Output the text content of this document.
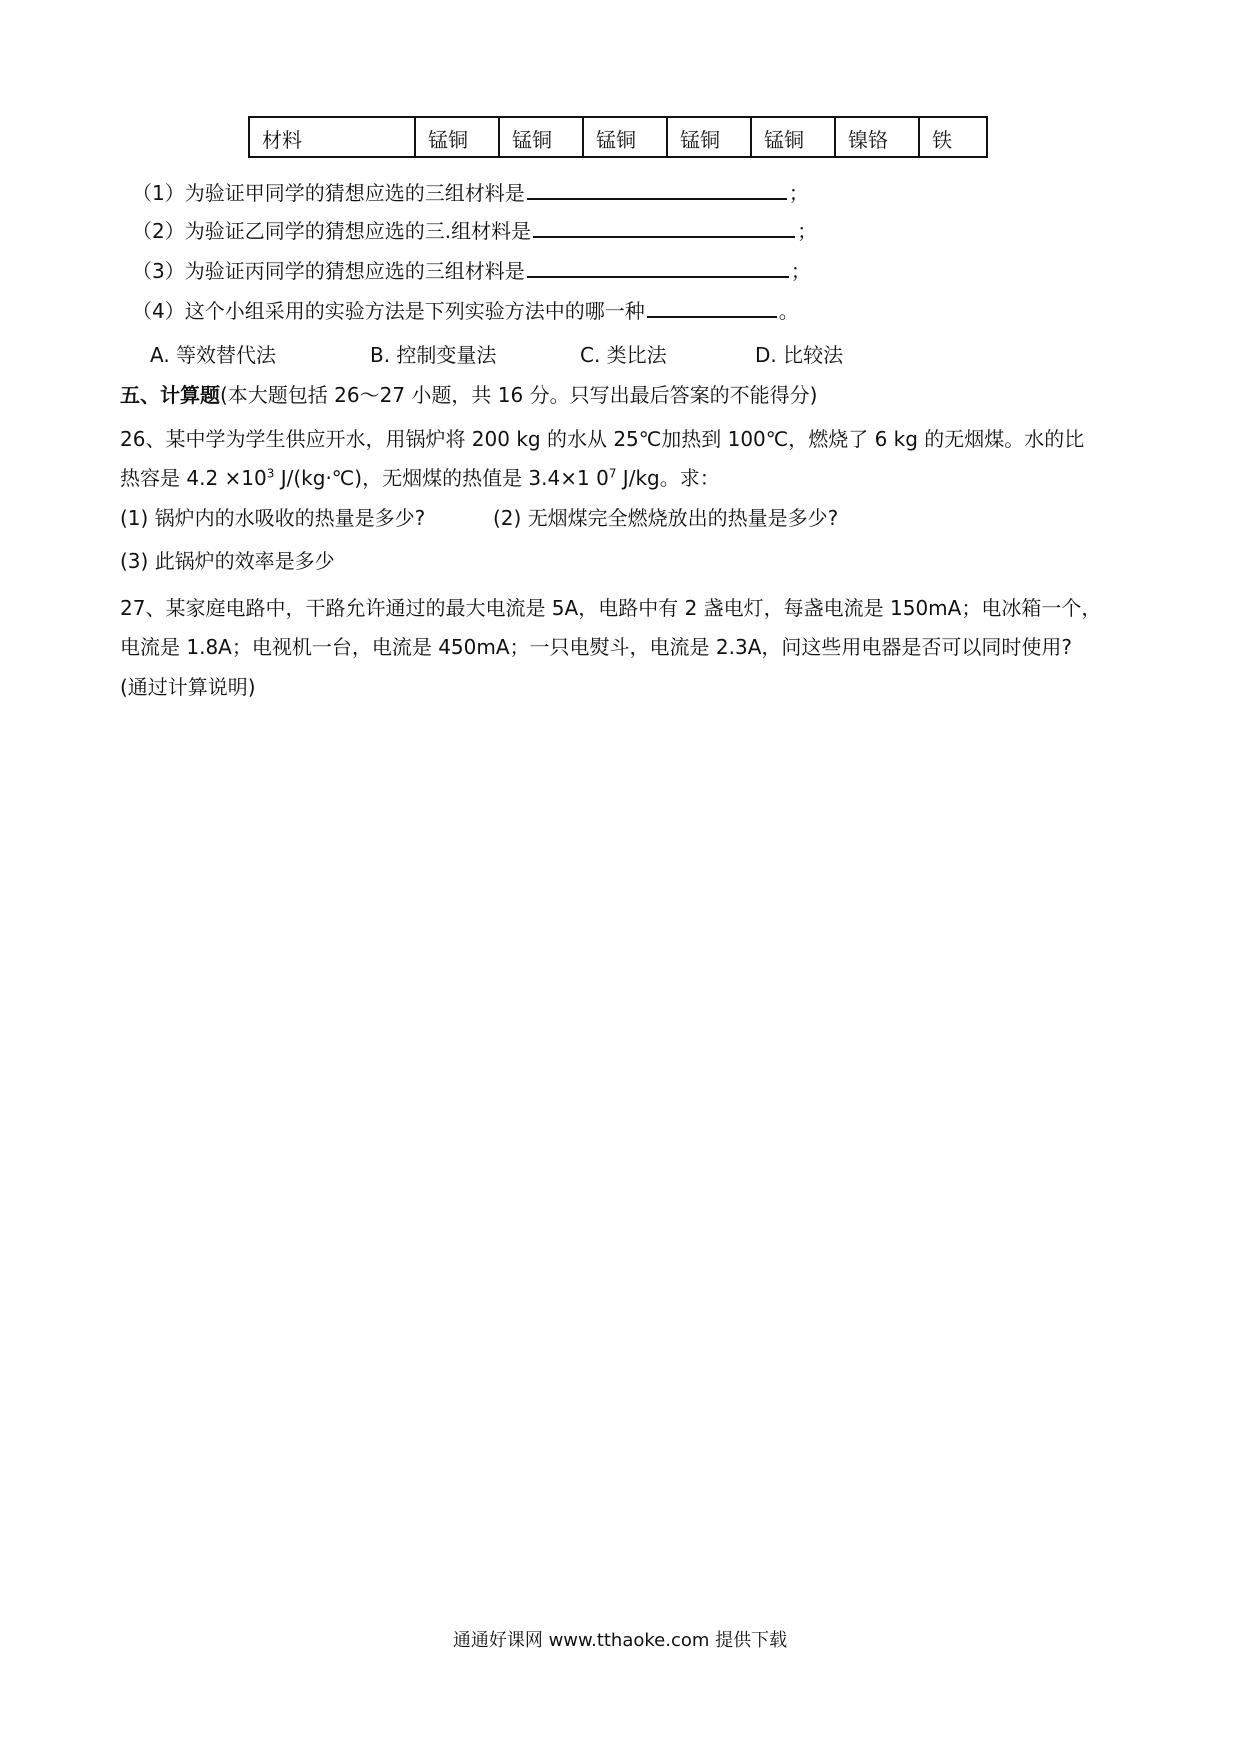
材料	锰铜	锰铜	锰铜	锰铜	锰铜	镍铬	铁
（1）为验证甲同学的猜想应选的三组材料是	；
（2）为验证乙同学的猜想应选的三.组材料是	；
（3）为验证丙同学的猜想应选的三组材料是	；
（4）这个小组采用的实验方法是下列实验方法中的哪一种	。
A. 等效替代法	B. 控制变量法	C. 类比法	D. 比较法
五、计算题(本大题包括 26～27 小题，共 16 分。只写出最后答案的不能得分)
26、某中学为学生供应开水，用锅炉将 200 kg 的水从 25℃加热到 100℃，燃烧了 6 kg 的无烟煤。水的比
热容是 $4.2 \times 10^3$ J/(kg·℃)，无烟煤的热值是 3.4×1 $0^7$ J/kg。求：
(1) 锅炉内的水吸收的热量是多少?	(2) 无烟煤完全燃烧放出的热量是多少?
(3) 此锅炉的效率是多少
27、某家庭电路中，干路允许通过的最大电流是 5A，电路中有 2 盏电灯，每盏电流是 150mA；电冰箱一个，
电流是 1.8A；电视机一台，电流是 450mA；一只电熨斗，电流是 2.3A，问这些用电器是否可以同时使用?
(通过计算说明)
通通好课网 www.tthaoke.com 提供下载
